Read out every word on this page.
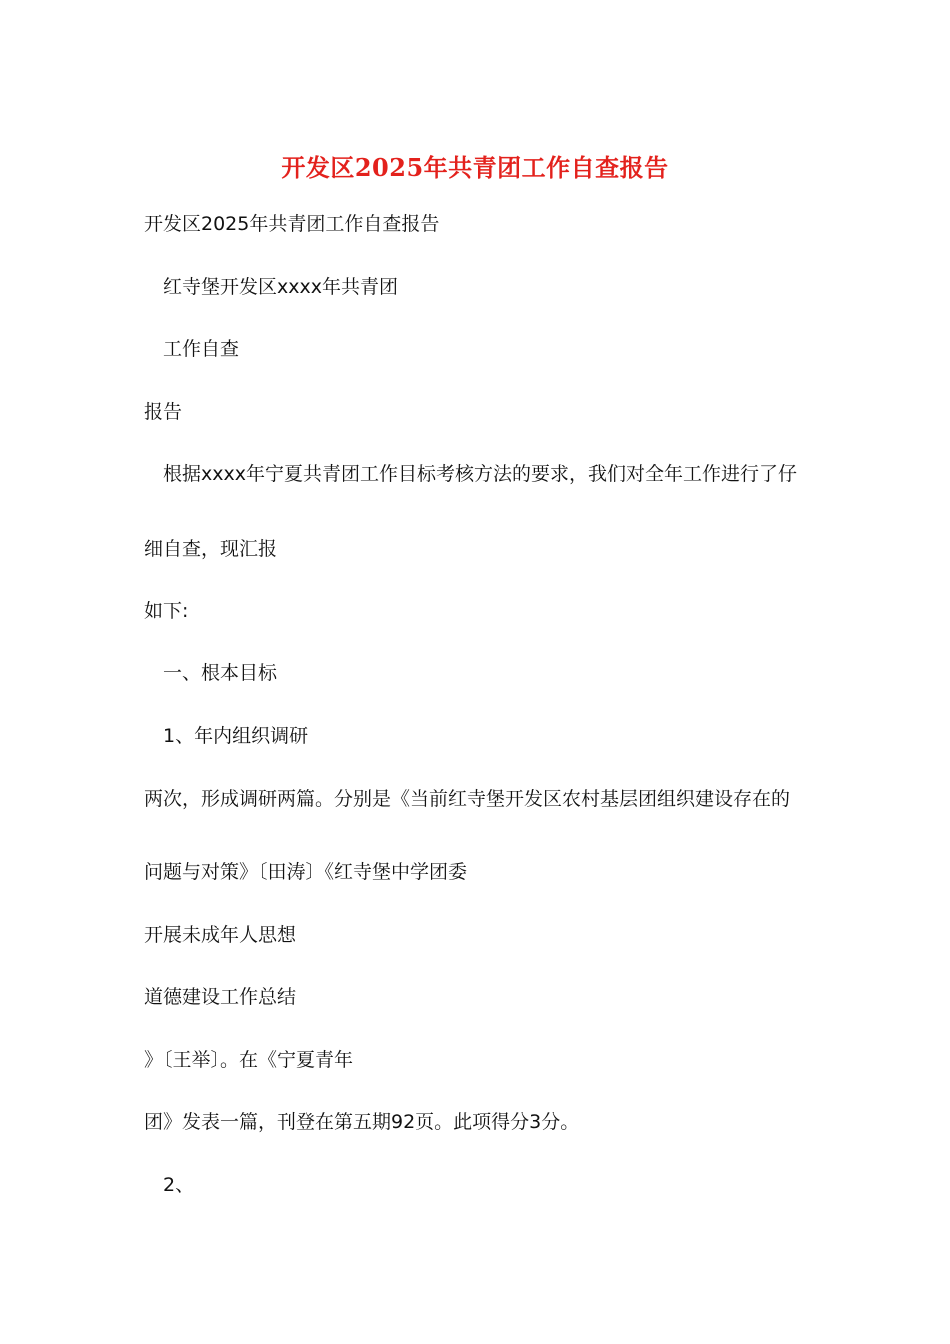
开发区2025年共青团工作自查报告
开发区2025年共青团工作自查报告
红寺堡开发区xxxx年共青团
工作自查
报告
根据xxxx年宁夏共青团工作目标考核方法的要求，我们对全年工作进行了仔
细自查，现汇报
如下:
一、根本目标
1、年内组织调研
两次，形成调研两篇。分别是《当前红寺堡开发区农村基层团组织建设存在的
问题与对策》〔田涛〕《红寺堡中学团委
开展未成年人思想
道德建设工作总结
》〔王举〕。在《宁夏青年
团》发表一篇，刊登在第五期92页。此项得分3分。
2、
